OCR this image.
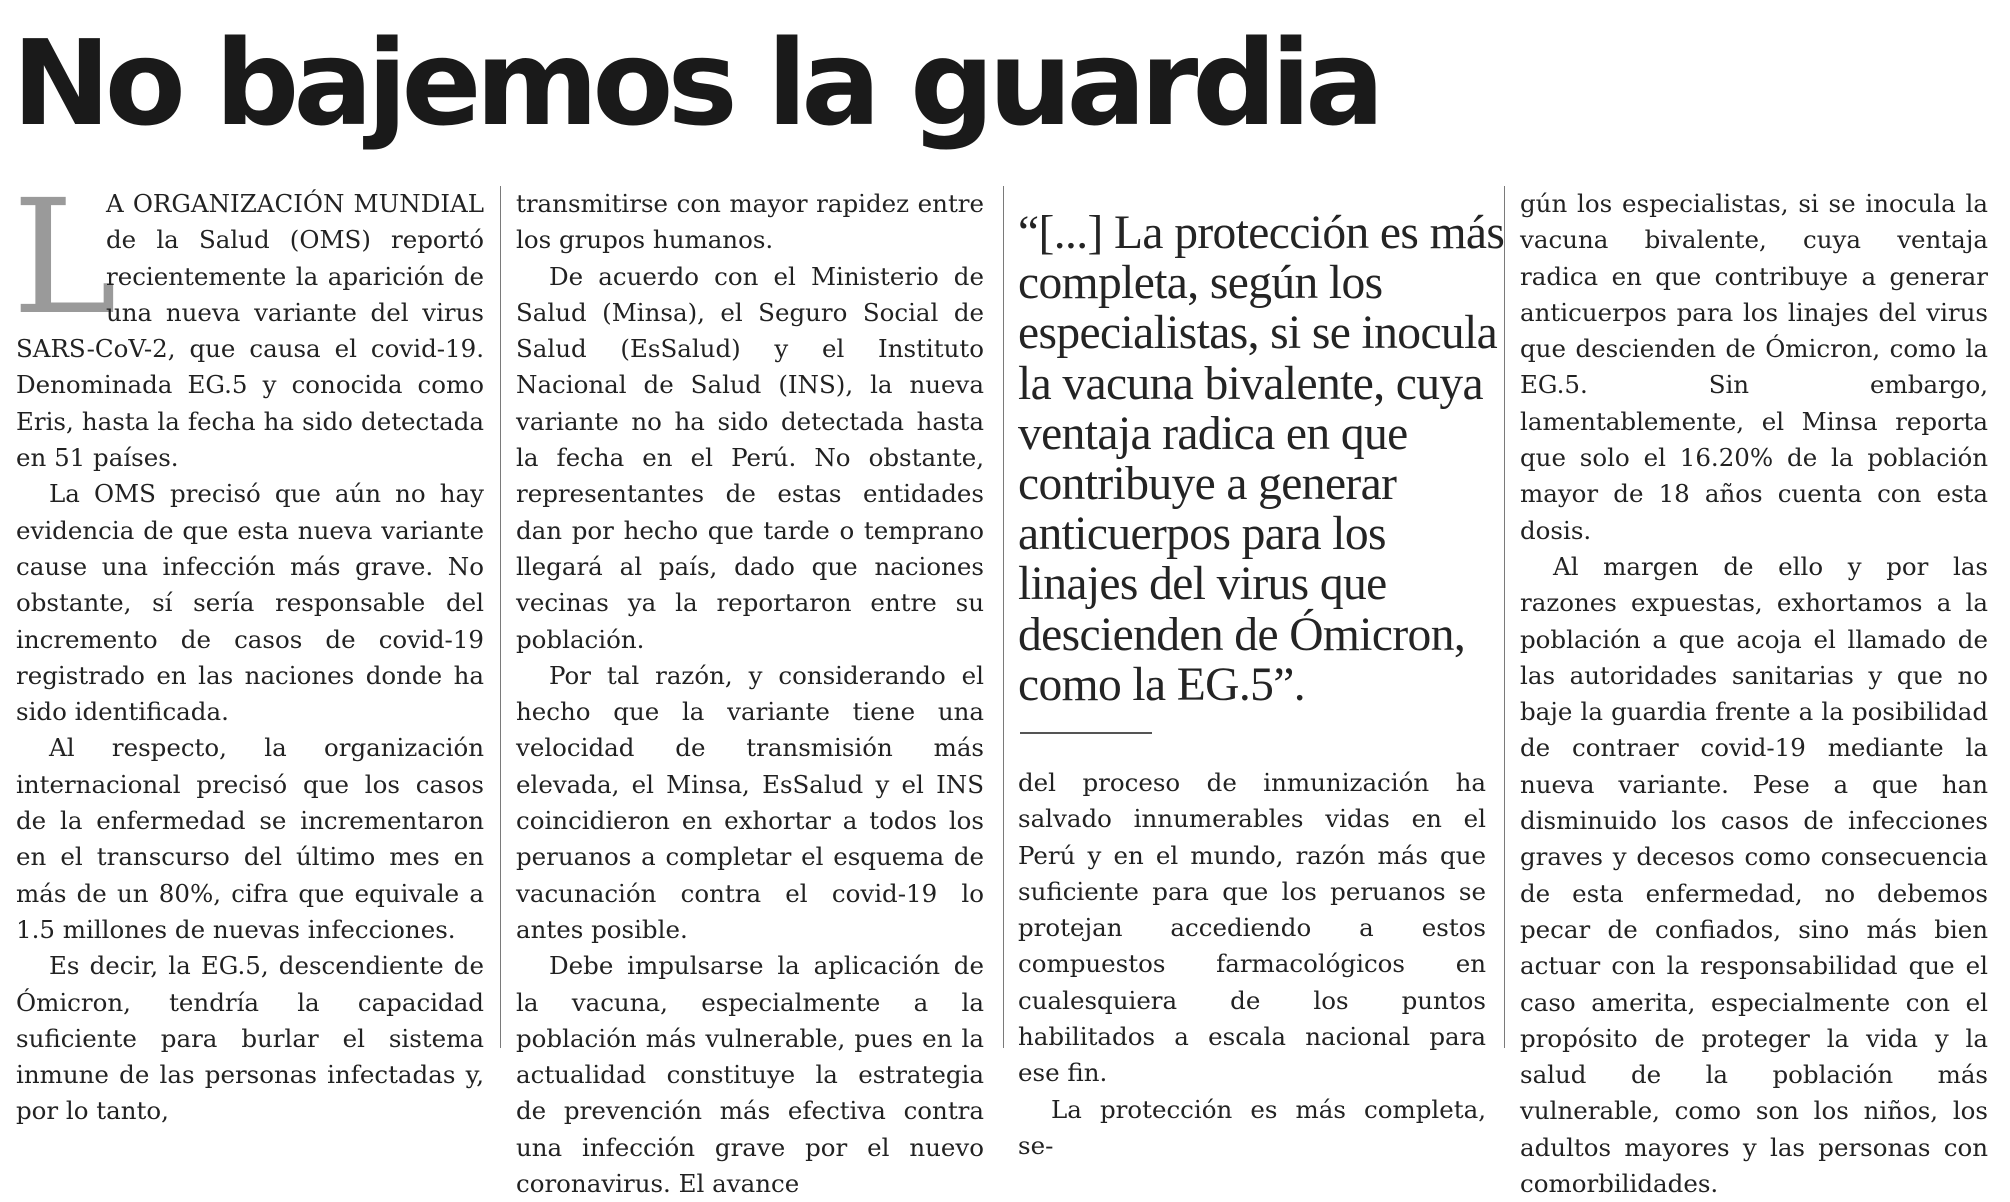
No bajemos la guardia

L
A ORGANIZACIÓN MUNDIAL de la Salud (OMS) reportó recientemente la aparición de una nueva variante del virus SARS-CoV-2, que causa el covid-19. Denominada EG.5 y conocida como Eris, hasta la fecha ha sido detectada en 51 países.

La OMS precisó que aún no hay evidencia de que esta nueva variante cause una infección más grave. No obstante, sí sería responsable del incremento de casos de covid-19 registrado en las naciones donde ha sido identificada.

Al respecto, la organización internacional precisó que los casos de la enfermedad se incrementaron en el transcurso del último mes en más de un 80%, cifra que equivale a 1.5 millones de nuevas infecciones.

Es decir, la EG.5, descendiente de Ómicron, tendría la capacidad suficiente para burlar el sistema inmune de las personas infectadas y, por lo tanto,

transmitirse con mayor rapidez entre los grupos humanos.

De acuerdo con el Ministerio de Salud (Minsa), el Seguro Social de Salud (EsSalud) y el Instituto Nacional de Salud (INS), la nueva variante no ha sido detectada hasta la fecha en el Perú. No obstante, representantes de estas entidades dan por hecho que tarde o temprano llegará al país, dado que naciones vecinas ya la reportaron entre su población.

Por tal razón, y considerando el hecho que la variante tiene una velocidad de transmisión más elevada, el Minsa, EsSalud y el INS coincidieron en exhortar a todos los peruanos a completar el esquema de vacunación contra el covid-19 lo antes posible.

Debe impulsarse la aplicación de la vacuna, especialmente a la población más vulnerable, pues en la actualidad constituye la estrategia de prevención más efectiva contra una infección grave por el nuevo coronavirus. El avance

“[...] La protección es más completa, según los especialistas, si se inocula la vacuna bivalente, cuya ventaja radica en que contribuye a generar anticuerpos para los linajes del virus que descienden de Ómicron, como la EG.5”.

del proceso de inmunización ha salvado innumerables vidas en el Perú y en el mundo, razón más que suficiente para que los peruanos se protejan accediendo a estos compuestos farmacológicos en cualesquiera de los puntos habilitados a escala nacional para ese fin.

La protección es más completa, se-

gún los especialistas, si se inocula la vacuna bivalente, cuya ventaja radica en que contribuye a generar anticuerpos para los linajes del virus que descienden de Ómicron, como la EG.5. Sin embargo, lamentablemente, el Minsa reporta que solo el 16.20% de la población mayor de 18 años cuenta con esta dosis.

Al margen de ello y por las razones expuestas, exhortamos a la población a que acoja el llamado de las autoridades sanitarias y que no baje la guardia frente a la posibilidad de contraer covid-19 mediante la nueva variante. Pese a que han disminuido los casos de infecciones graves y decesos como consecuencia de esta enfermedad, no debemos pecar de confiados, sino más bien actuar con la responsabilidad que el caso amerita, especialmente con el propósito de proteger la vida y la salud de la población más vulnerable, como son los niños, los adultos mayores y las personas con comorbilidades.
